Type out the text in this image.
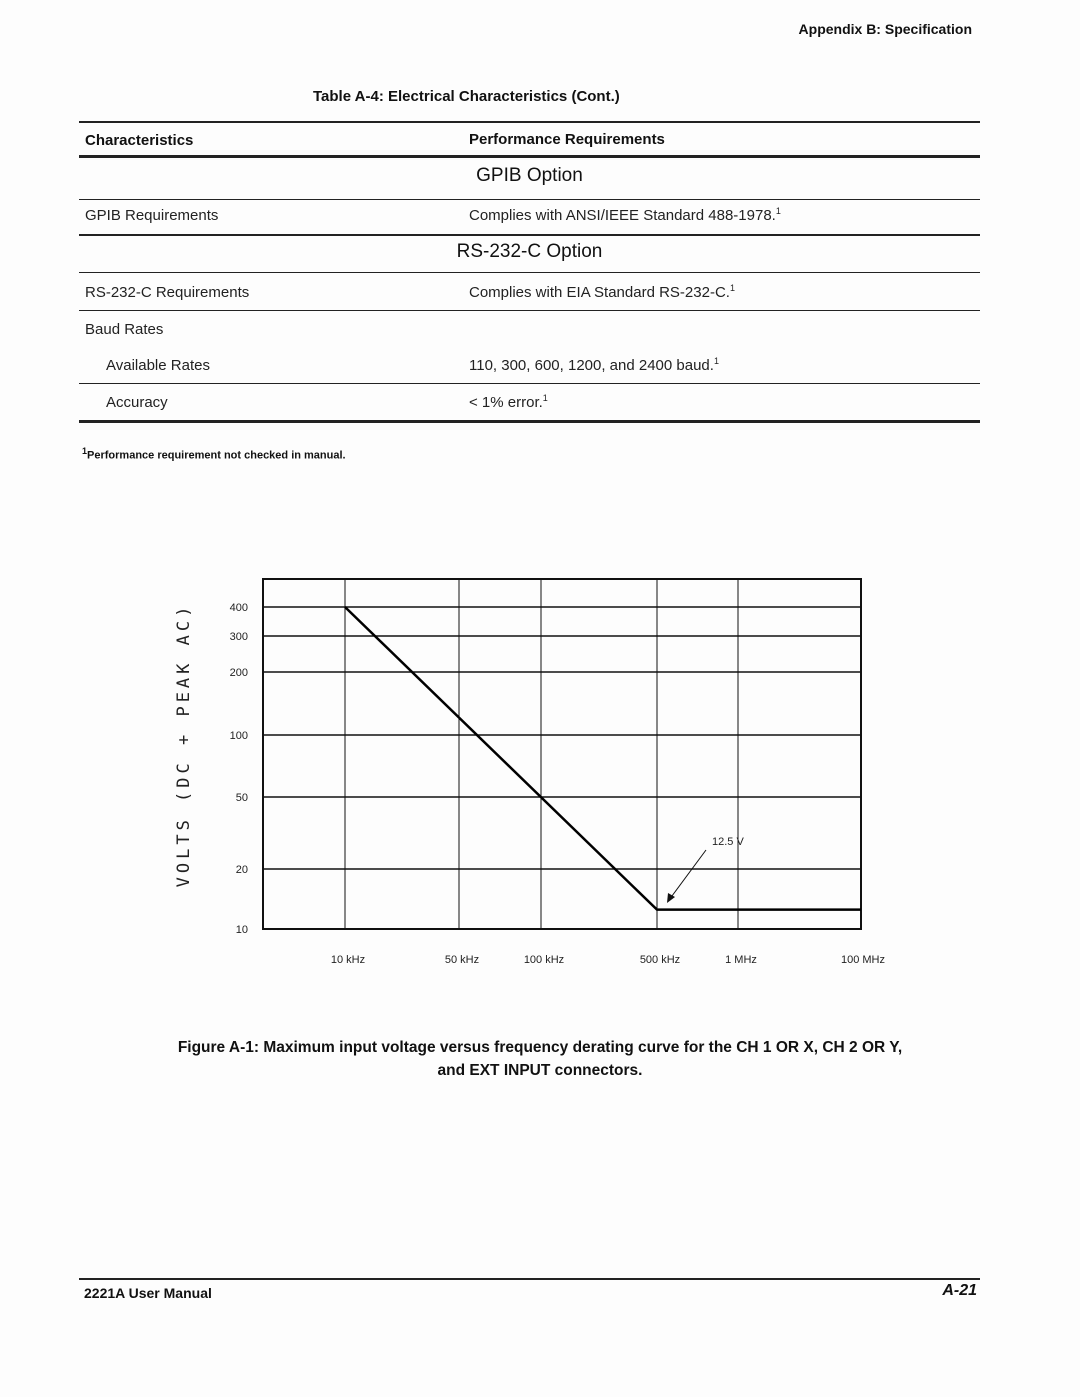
Appendix B: Specification
Table A-4: Electrical Characteristics (Cont.)
Characteristics	Performance Requirements
GPIB Option
GPIB Requirements	Complies with ANSI/IEEE Standard 488-1978.$^1$
RS-232-C Option
RS-232-C Requirements	Complies with EIA Standard RS-232-C.$^1$
Baud Rates
Available Rates	110, 300, 600, 1200, and 2400 baud.$^1$
Accuracy	< 1% error.$^1$
$^1$Performance requirement not checked in manual.
400
300
200
100
50
20
10
10 kHz	50 kHz	100 kHz	500 kHz	1 MHz	100 MHz
12.5 V
VOLTS (DC + PEAK AC)
Figure A-1: Maximum input voltage versus frequency derating curve for the CH 1 OR X, CH 2 OR Y,
and EXT INPUT connectors.
2221A User Manual	A-21
